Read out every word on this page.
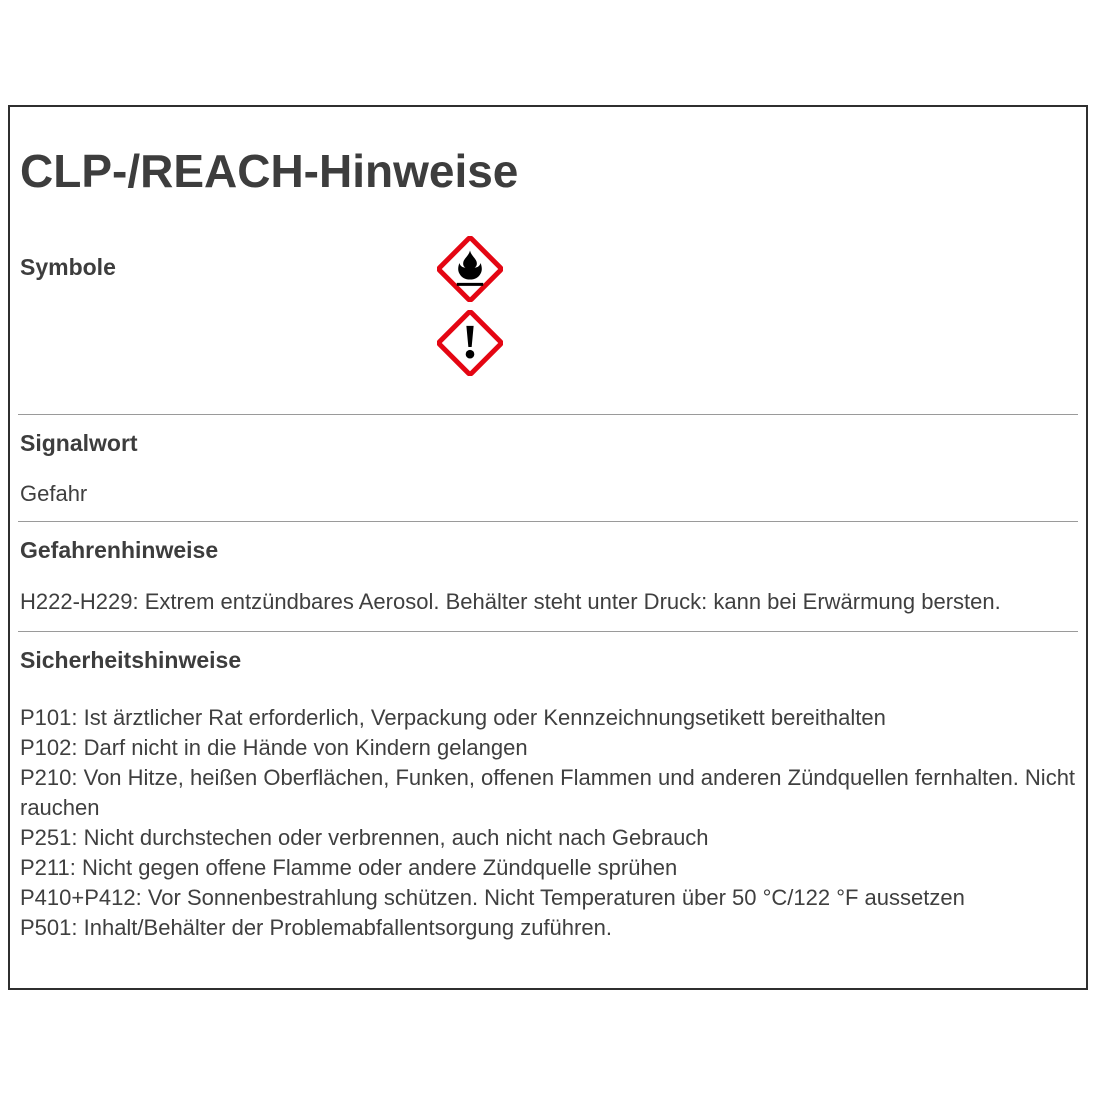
CLP-/REACH-Hinweise
Symbole
Signalwort

Gefahr

Gefahrenhinweise

H222-H229: Extrem entzündbares Aerosol. Behälter steht unter Druck: kann bei Erwärmung bersten.

Sicherheitshinweise

P101: Ist ärztlicher Rat erforderlich, Verpackung oder Kennzeichnungsetikett bereithalten

P102: Darf nicht in die Hände von Kindern gelangen

P210: Von Hitze, heißen Oberflächen, Funken, offenen Flammen und anderen Zündquellen fernhalten. Nicht rauchen

P251: Nicht durchstechen oder verbrennen, auch nicht nach Gebrauch

P211: Nicht gegen offene Flamme oder andere Zündquelle sprühen

P410+P412: Vor Sonnenbestrahlung schützen. Nicht Temperaturen über 50 °C/122 °F aussetzen

P501: Inhalt/Behälter der Problemabfallentsorgung zuführen.
